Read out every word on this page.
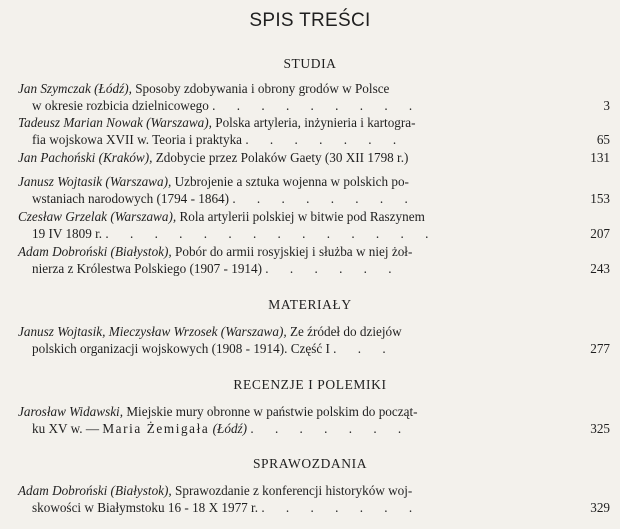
SPIS TREŚCI
STUDIA
Jan Szymczak (Łódź), Sposoby zdobywania i obrony grodów w Polsce
w okresie rozbicia dzielnicowego . . . . . . . . .	3
Tadeusz Marian Nowak (Warszawa), Polska artyleria, inżynieria i kartogra-
fia wojskowa XVII w. Teoria i praktyka . . . . . . .	65
Jan Pachoński (Kraków), Zdobycie przez Polaków Gaety (30 XII 1798 r.)	131
Janusz Wojtasik (Warszawa), Uzbrojenie a sztuka wojenna w polskich po-
wstaniach narodowych (1794 - 1864) . . . . . . . .	153
Czesław Grzelak (Warszawa), Rola artylerii polskiej w bitwie pod Raszynem
19 IV 1809 r. . . . . . . . . . . . . . .	207
Adam Dobroński (Białystok), Pobór do armii rosyjskiej i służba w niej żoł-
nierza z Królestwa Polskiego (1907 - 1914) . . . . . .	243
MATERIAŁY
Janusz Wojtasik, Mieczysław Wrzosek (Warszawa), Ze źródeł do dziejów
polskich organizacji wojskowych (1908 - 1914). Część I . . .	277
RECENZJE I POLEMIKI
Jarosław Widawski, Miejskie mury obronne w państwie polskim do począt-
ku XV w. — Maria Żemigała (Łódź) . . . . . . .	325
SPRAWOZDANIA
Adam Dobroński (Białystok), Sprawozdanie z konferencji historyków woj-
skowości w Białymstoku 16 - 18 X 1977 r. . . . . . . .	329
